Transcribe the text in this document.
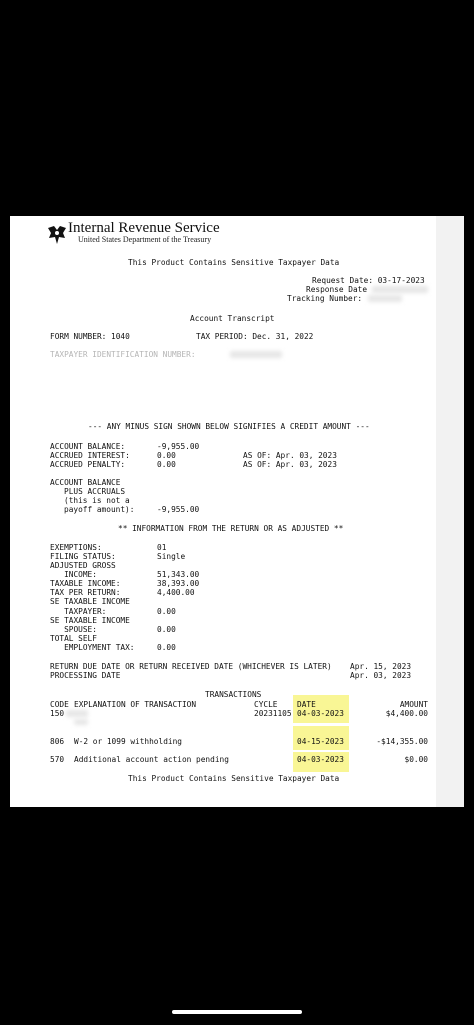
Internal Revenue Service
United States Department of the Treasury
This Product Contains Sensitive Taxpayer Data
Request Date: 03-17-2023
Response Date
Tracking Number:
Account Transcript
FORM NUMBER: 1040	TAX PERIOD: Dec. 31, 2022
TAXPAYER IDENTIFICATION NUMBER:
--- ANY MINUS SIGN SHOWN BELOW SIGNIFIES A CREDIT AMOUNT ---
ACCOUNT BALANCE:	-9,955.00
ACCRUED INTEREST:	0.00	AS OF: Apr. 03, 2023
ACCRUED PENALTY:	0.00	AS OF: Apr. 03, 2023
ACCOUNT BALANCE
PLUS ACCRUALS
(this is not a
payoff amount):	-9,955.00
** INFORMATION FROM THE RETURN OR AS ADJUSTED **
EXEMPTIONS:	01
FILING STATUS:	Single
ADJUSTED GROSS
INCOME:	51,343.00
TAXABLE INCOME:	38,393.00
TAX PER RETURN:	4,400.00
SE TAXABLE INCOME
TAXPAYER:	0.00
SE TAXABLE INCOME
SPOUSE:	0.00
TOTAL SELF
EMPLOYMENT TAX:	0.00
RETURN DUE DATE OR RETURN RECEIVED DATE (WHICHEVER IS LATER) Apr. 15, 2023
PROCESSING DATE	Apr. 03, 2023
TRANSACTIONS
CODE EXPLANATION OF TRANSACTION	CYCLE	DATE	AMOUNT
150	20231105 04-03-2023	$4,400.00
806 W-2 or 1099 withholding	04-15-2023	-$14,355.00
570 Additional account action pending	04-03-2023	$0.00
This Product Contains Sensitive Taxpayer Data
